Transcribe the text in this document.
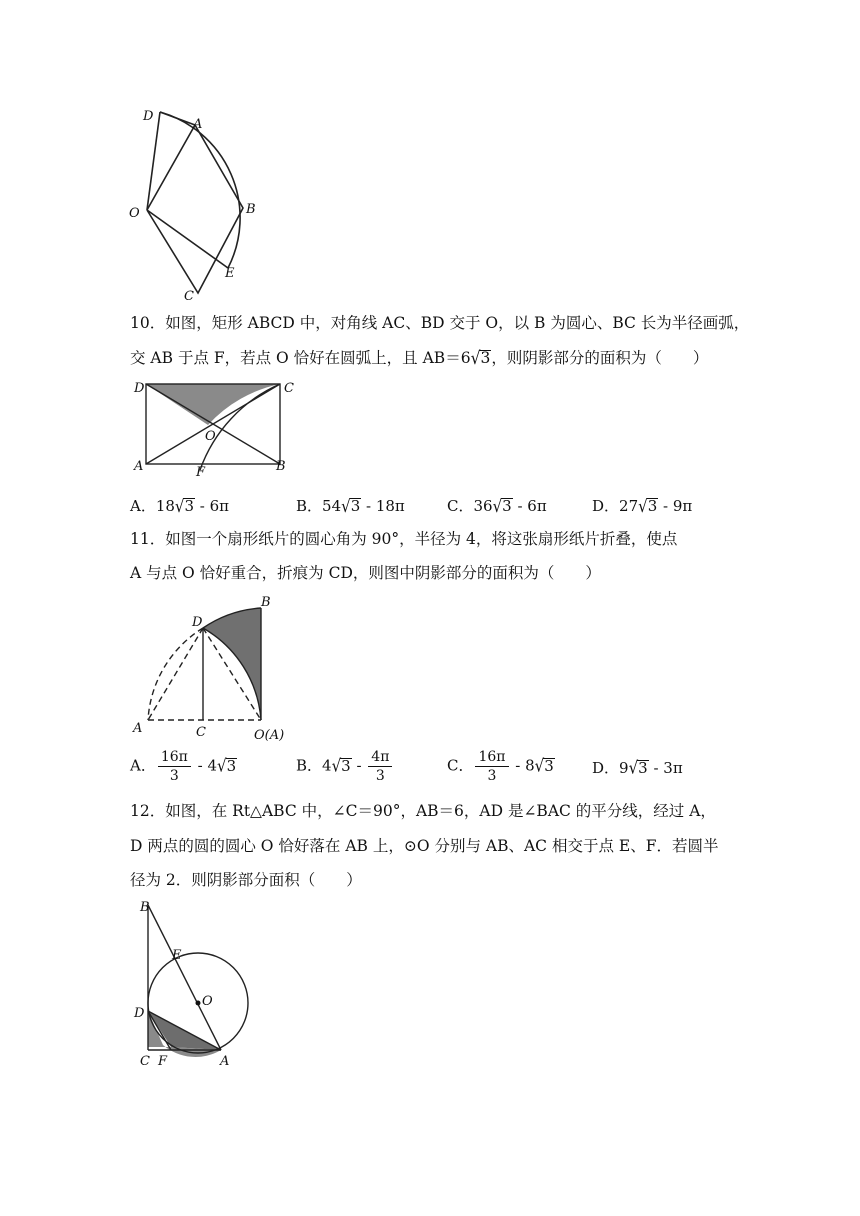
D
A
O	B
E
C
10．如图，矩形 ABCD 中，对角线 AC、BD 交于 O，以 B 为圆心、BC 长为半径画弧，
交 AB 于点 F，若点 O 恰好在圆弧上，且 AB＝6√3，则阴影部分的面积为（　　）
D	C
O
A	F	B
A．18√3 - 6π	B．54√3 - 18π	C．36√3 - 6π	D．27√3 - 9π
11．如图一个扇形纸片的圆心角为 90°，半径为 4，将这张扇形纸片折叠，使点
A 与点 O 恰好重合，折痕为 CD，则图中阴影部分的面积为（　　）
D
B
A	C	O(A)
A． $\frac{16\pi}{3} - 4√3$	B．$4√3 - \frac{4\pi}{3}$	C． $\frac{16\pi}{3} - 8√3$	D．9√3 - 3π
12．如图，在 Rt△ABC 中，∠C＝90°，AB＝6，AD 是∠BAC 的平分线，经过 A，
D 两点的圆的圆心 O 恰好落在 AB 上，⊙O 分别与 AB、AC 相交于点 E、F．若圆半
径为 2．则阴影部分面积（　　）
B
E
O
D
C F	A
